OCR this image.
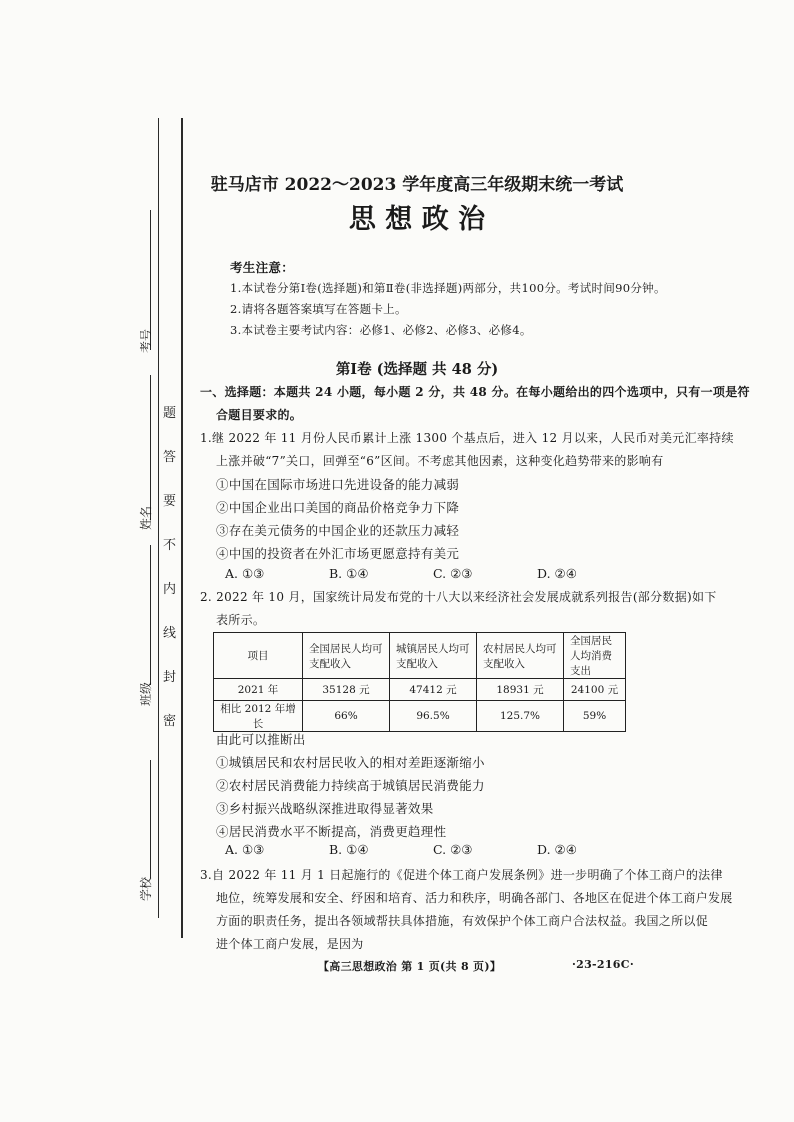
考号
姓名
班级
学校
题
答
要
不
内
线
封
密
驻马店市 2022～2023 学年度高三年级期末统一考试
思 想 政 治
考生注意：
1.本试卷分第Ⅰ卷(选择题)和第Ⅱ卷(非选择题)两部分，共100分。考试时间90分钟。
2.请将各题答案填写在答题卡上。
3.本试卷主要考试内容：必修1、必修2、必修3、必修4。
第Ⅰ卷 (选择题 共 48 分)
一、选择题：本题共 24 小题，每小题 2 分，共 48 分。在每小题给出的四个选项中，只有一项是符
合题目要求的。
1.继 2022 年 11 月份人民币累计上涨 1300 个基点后，进入 12 月以来，人民币对美元汇率持续
上涨并破“7”关口，回弹至“6”区间。不考虑其他因素，这种变化趋势带来的影响有
①中国在国际市场进口先进设备的能力减弱
②中国企业出口美国的商品价格竞争力下降
③存在美元债务的中国企业的还款压力减轻
④中国的投资者在外汇市场更愿意持有美元
A. ①③	B. ①④	C. ②③	D. ②④
2. 2022 年 10 月，国家统计局发布党的十八大以来经济社会发展成就系列报告(部分数据)如下
表所示。
项目	全国居民人均可支配收入	城镇居民人均可支配收入	农村居民人均可支配收入	全国居民人均消费支出
2021 年	35128 元	47412 元	18931 元	24100 元
相比 2012 年增长	66%	96.5%	125.7%	59%
由此可以推断出
①城镇居民和农村居民收入的相对差距逐渐缩小
②农村居民消费能力持续高于城镇居民消费能力
③乡村振兴战略纵深推进取得显著效果
④居民消费水平不断提高，消费更趋理性
A. ①③	B. ①④	C. ②③	D. ②④
3.自 2022 年 11 月 1 日起施行的《促进个体工商户发展条例》进一步明确了个体工商户的法律
地位，统筹发展和安全、纾困和培育、活力和秩序，明确各部门、各地区在促进个体工商户发展
方面的职责任务，提出各领域帮扶具体措施，有效保护个体工商户合法权益。我国之所以促
进个体工商户发展，是因为
【高三思想政治 第 1 页(共 8 页)】	·23-216C·
